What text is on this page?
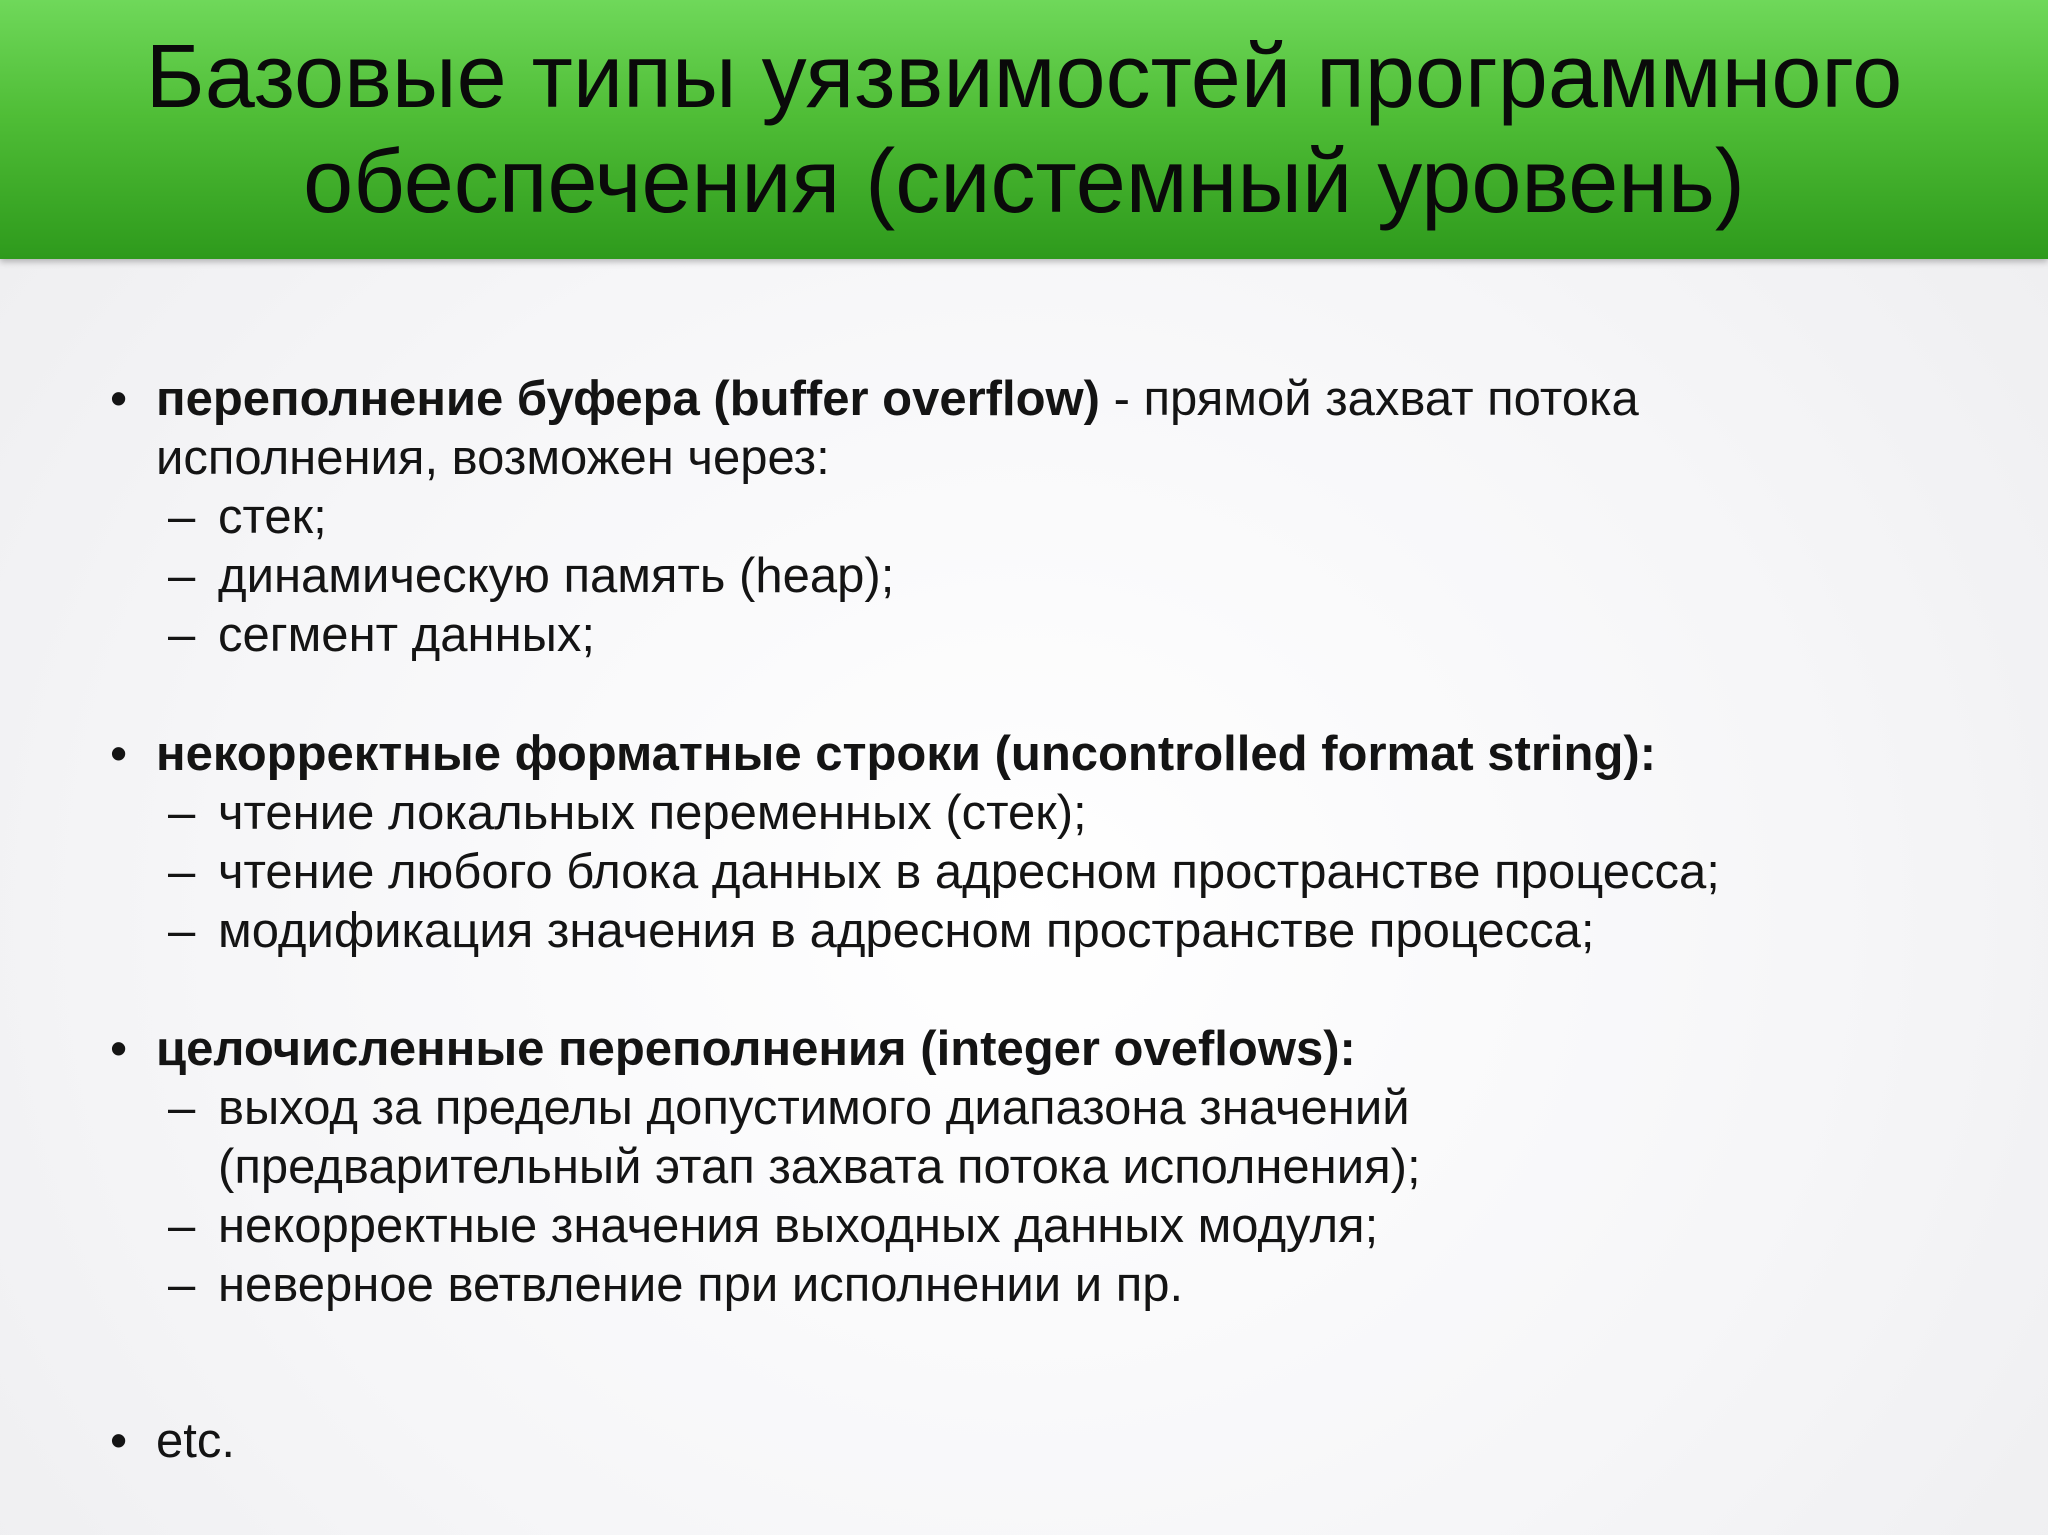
Базовые типы уязвимостей программного
обеспечения (системный уровень)
• переполнение буфера (buffer overflow) - прямой захват потока
исполнения, возможен через:
– стек;
– динамическую память (heap);
– сегмент данных;
• некорректные форматные строки (uncontrolled format string):
– чтение локальных переменных (стек);
– чтение любого блока данных в адресном пространстве процесса;
– модификация значения в адресном пространстве процесса;
• целочисленные переполнения (integer oveflows):
– выход за пределы допустимого диапазона значений
(предварительный этап захвата потока исполнения);
– некорректные значения выходных данных модуля;
– неверное ветвление при исполнении и пр.
• etc.
